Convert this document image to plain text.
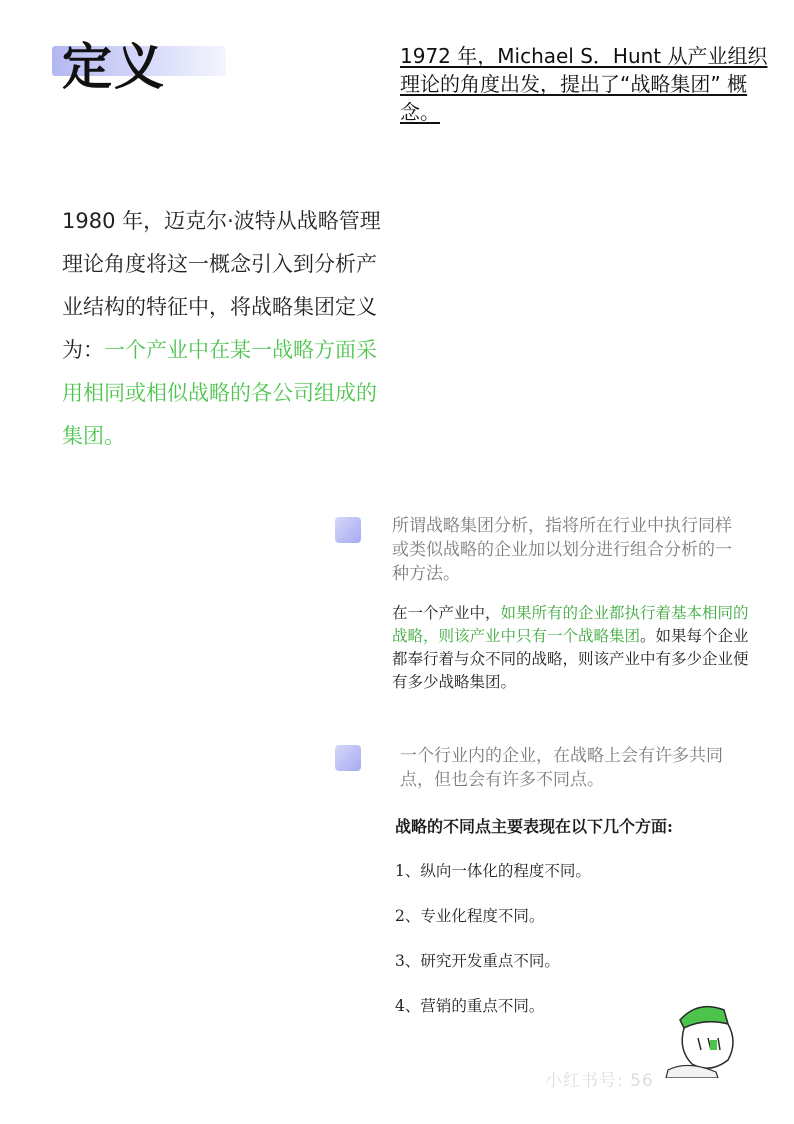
定义	1972 年，Michael S．Hunt 从产业组织理论的角度出发，提出了“战略集团” 概念。
1980 年，迈克尔·波特从战略管理理论角度将这一概念引入到分析产业结构的特征中，将战略集团定义为：一个产业中在某一战略方面采用相同或相似战略的各公司组成的集团。
所谓战略集团分析，指将所在行业中执行同样或类似战略的企业加以划分进行组合分析的一种方法。
在一个产业中，如果所有的企业都执行着基本相同的战略，则该产业中只有一个战略集团。如果每个企业都奉行着与众不同的战略，则该产业中有多少企业便有多少战略集团。
一个行业内的企业，在战略上会有许多共同点，但也会有许多不同点。
战略的不同点主要表现在以下几个方面:
1、纵向一体化的程度不同。
2、专业化程度不同。
3、研究开发重点不同。
4、营销的重点不同。
小红书号: 56
